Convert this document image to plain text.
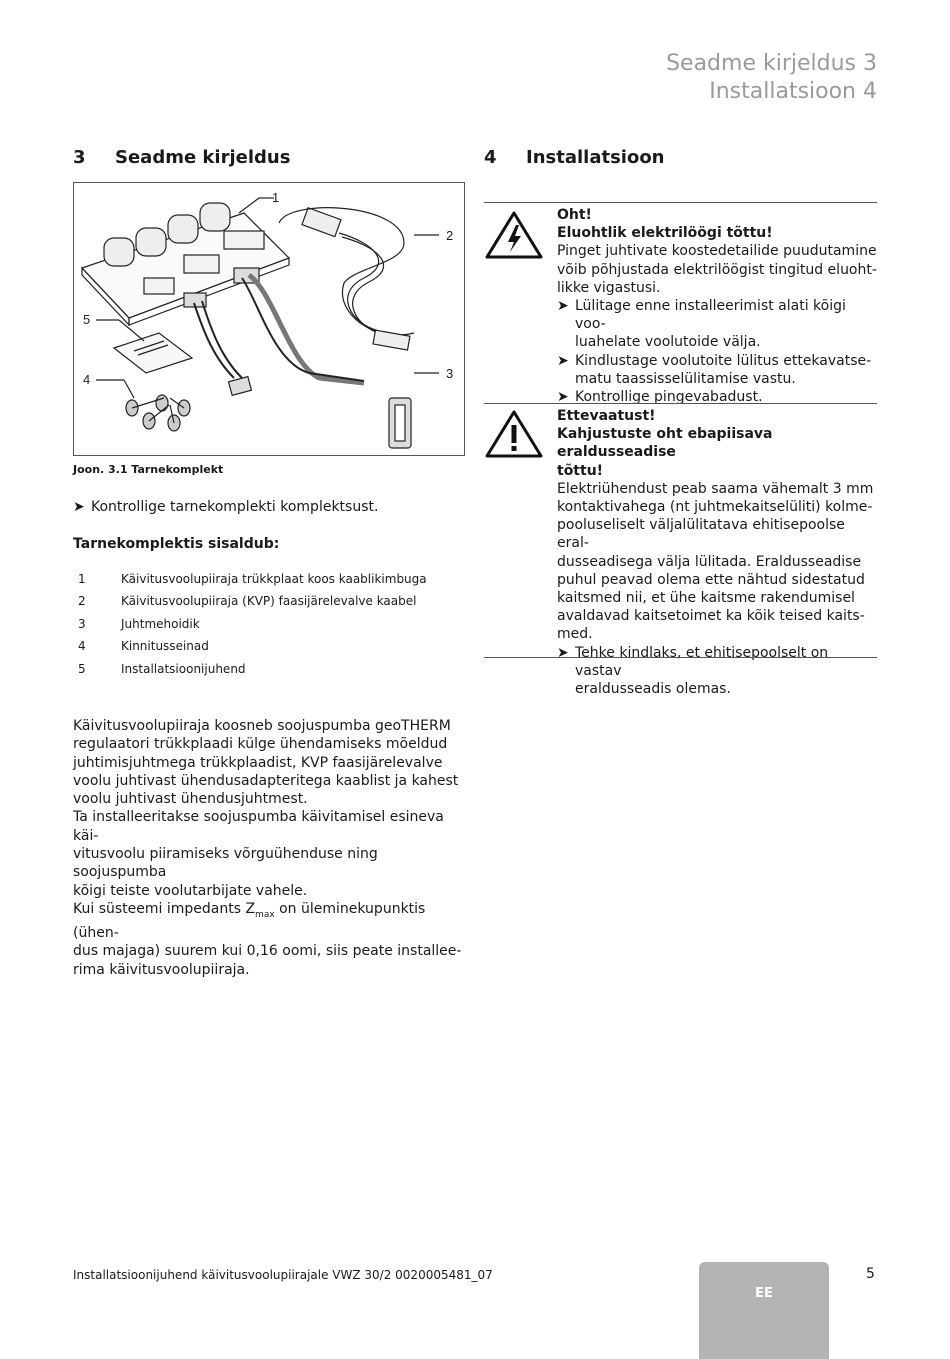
Seadme kirjeldus 3
Installatsioon 4
3 Seadme kirjeldus	4 Installatsioon
1
2
3
4
5
Joon. 3.1 Tarnekomplekt
➤ Kontrollige tarnekomplekti komplektsust.
Tarnekomplektis sisaldub:
1	Käivitusvoolupiiraja trükkplaat koos kaablikimbuga
2	Käivitusvoolupiiraja (KVP) faasijärelevalve kaabel
3	Juhtmehoidik
4	Kinnitusseinad
5	Installatsioonijuhend
Käivitusvoolupiiraja koosneb soojuspumba geoTHERM
regulaatori trükkplaadi külge ühendamiseks mõeldud
juhtimisjuhtmega trükkplaadist, KVP faasijärelevalve
voolu juhtivast ühendusadapteritega kaablist ja kahest
voolu juhtivast ühendusjuhtmest.
Ta installeeritakse soojuspumba käivitamisel esineva käi-
vitusvoolu piiramiseks võrguühenduse ning soojuspumba
kõigi teiste voolutarbijate vahele.
Kui süsteemi impedants $Z_{max}$ on üleminekupunktis (ühen-
dus majaga) suurem kui 0,16 oomi, siis peate installee-
rima käivitusvoolupiiraja.
Oht!
Eluohtlik elektrilöögi tõttu!
Pinget juhtivate koostedetailide puudutamine
võib põhjustada elektrilöögist tingitud eluoht-
likke vigastusi.
➤ Lülitage enne installeerimist alati kõigi voo-
luahelate voolutoide välja.
➤ Kindlustage voolutoite lülitus ettekavatse-
matu taassisselülitamise vastu.
➤ Kontrollige pingevabadust.
Ettevaatust!
Kahjustuste oht ebapiisava eraldusseadise
tõttu!
Elektriühendust peab saama vähemalt 3 mm
kontaktivahega (nt juhtmekaitselüliti) kolme-
pooluseliselt väljalülitatava ehitisepoolse eral-
dusseadisega välja lülitada. Eraldusseadise
puhul peavad olema ette nähtud sidestatud
kaitsmed nii, et ühe kaitsme rakendumisel
avaldavad kaitsetoimet ka kõik teised kaits-
med.
➤ Tehke kindlaks, et ehitisepoolselt on vastav
eraldusseadis olemas.
Installatsioonijuhend käivitusvoolupiirajale VWZ 30/2 0020005481_07
EE
5
